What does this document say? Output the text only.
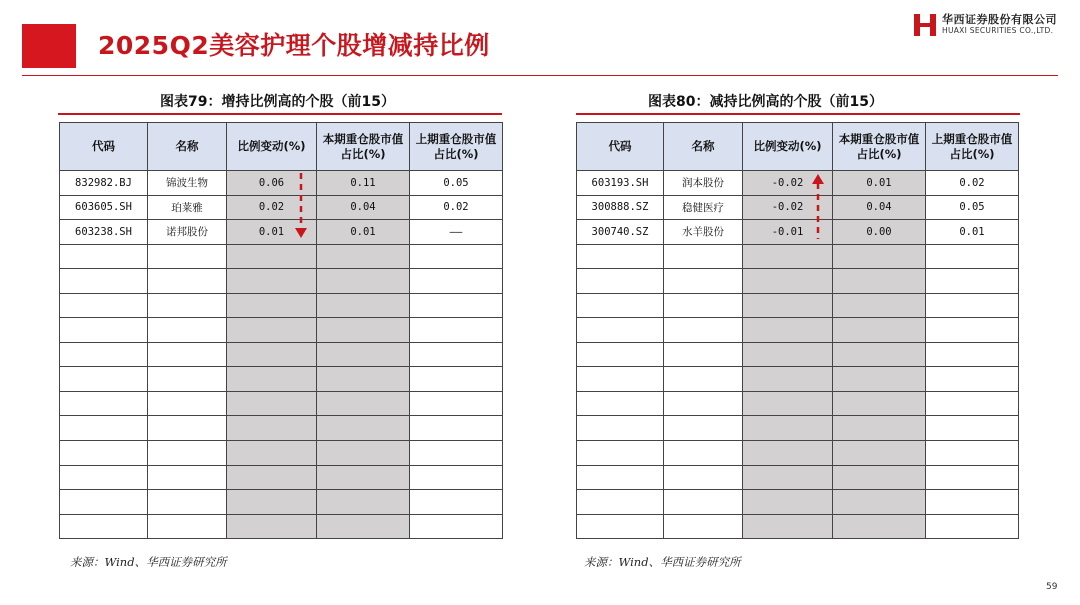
2025Q2美容护理个股增减持比例
华西证券股份有限公司
HUAXI SECURITIES CO.,LTD.
图表79：增持比例高的个股（前15）
代码	名称	比例变动(%)	本期重仓股市值占比(%)	上期重仓股市值占比(%)
832982.BJ	锦波生物	0.06	0.11	0.05
603605.SH	珀莱雅	0.02	0.04	0.02
603238.SH	诺邦股份	0.01	0.01	——

图表80：减持比例高的个股（前15）
代码	名称	比例变动(%)	本期重仓股市值占比(%)	上期重仓股市值占比(%)
603193.SH	润本股份	-0.02	0.01	0.02
300888.SZ	稳健医疗	-0.02	0.04	0.05
300740.SZ	水羊股份	-0.01	0.00	0.01

来源：Wind、华西证券研究所	来源：Wind、华西证券研究所
59
